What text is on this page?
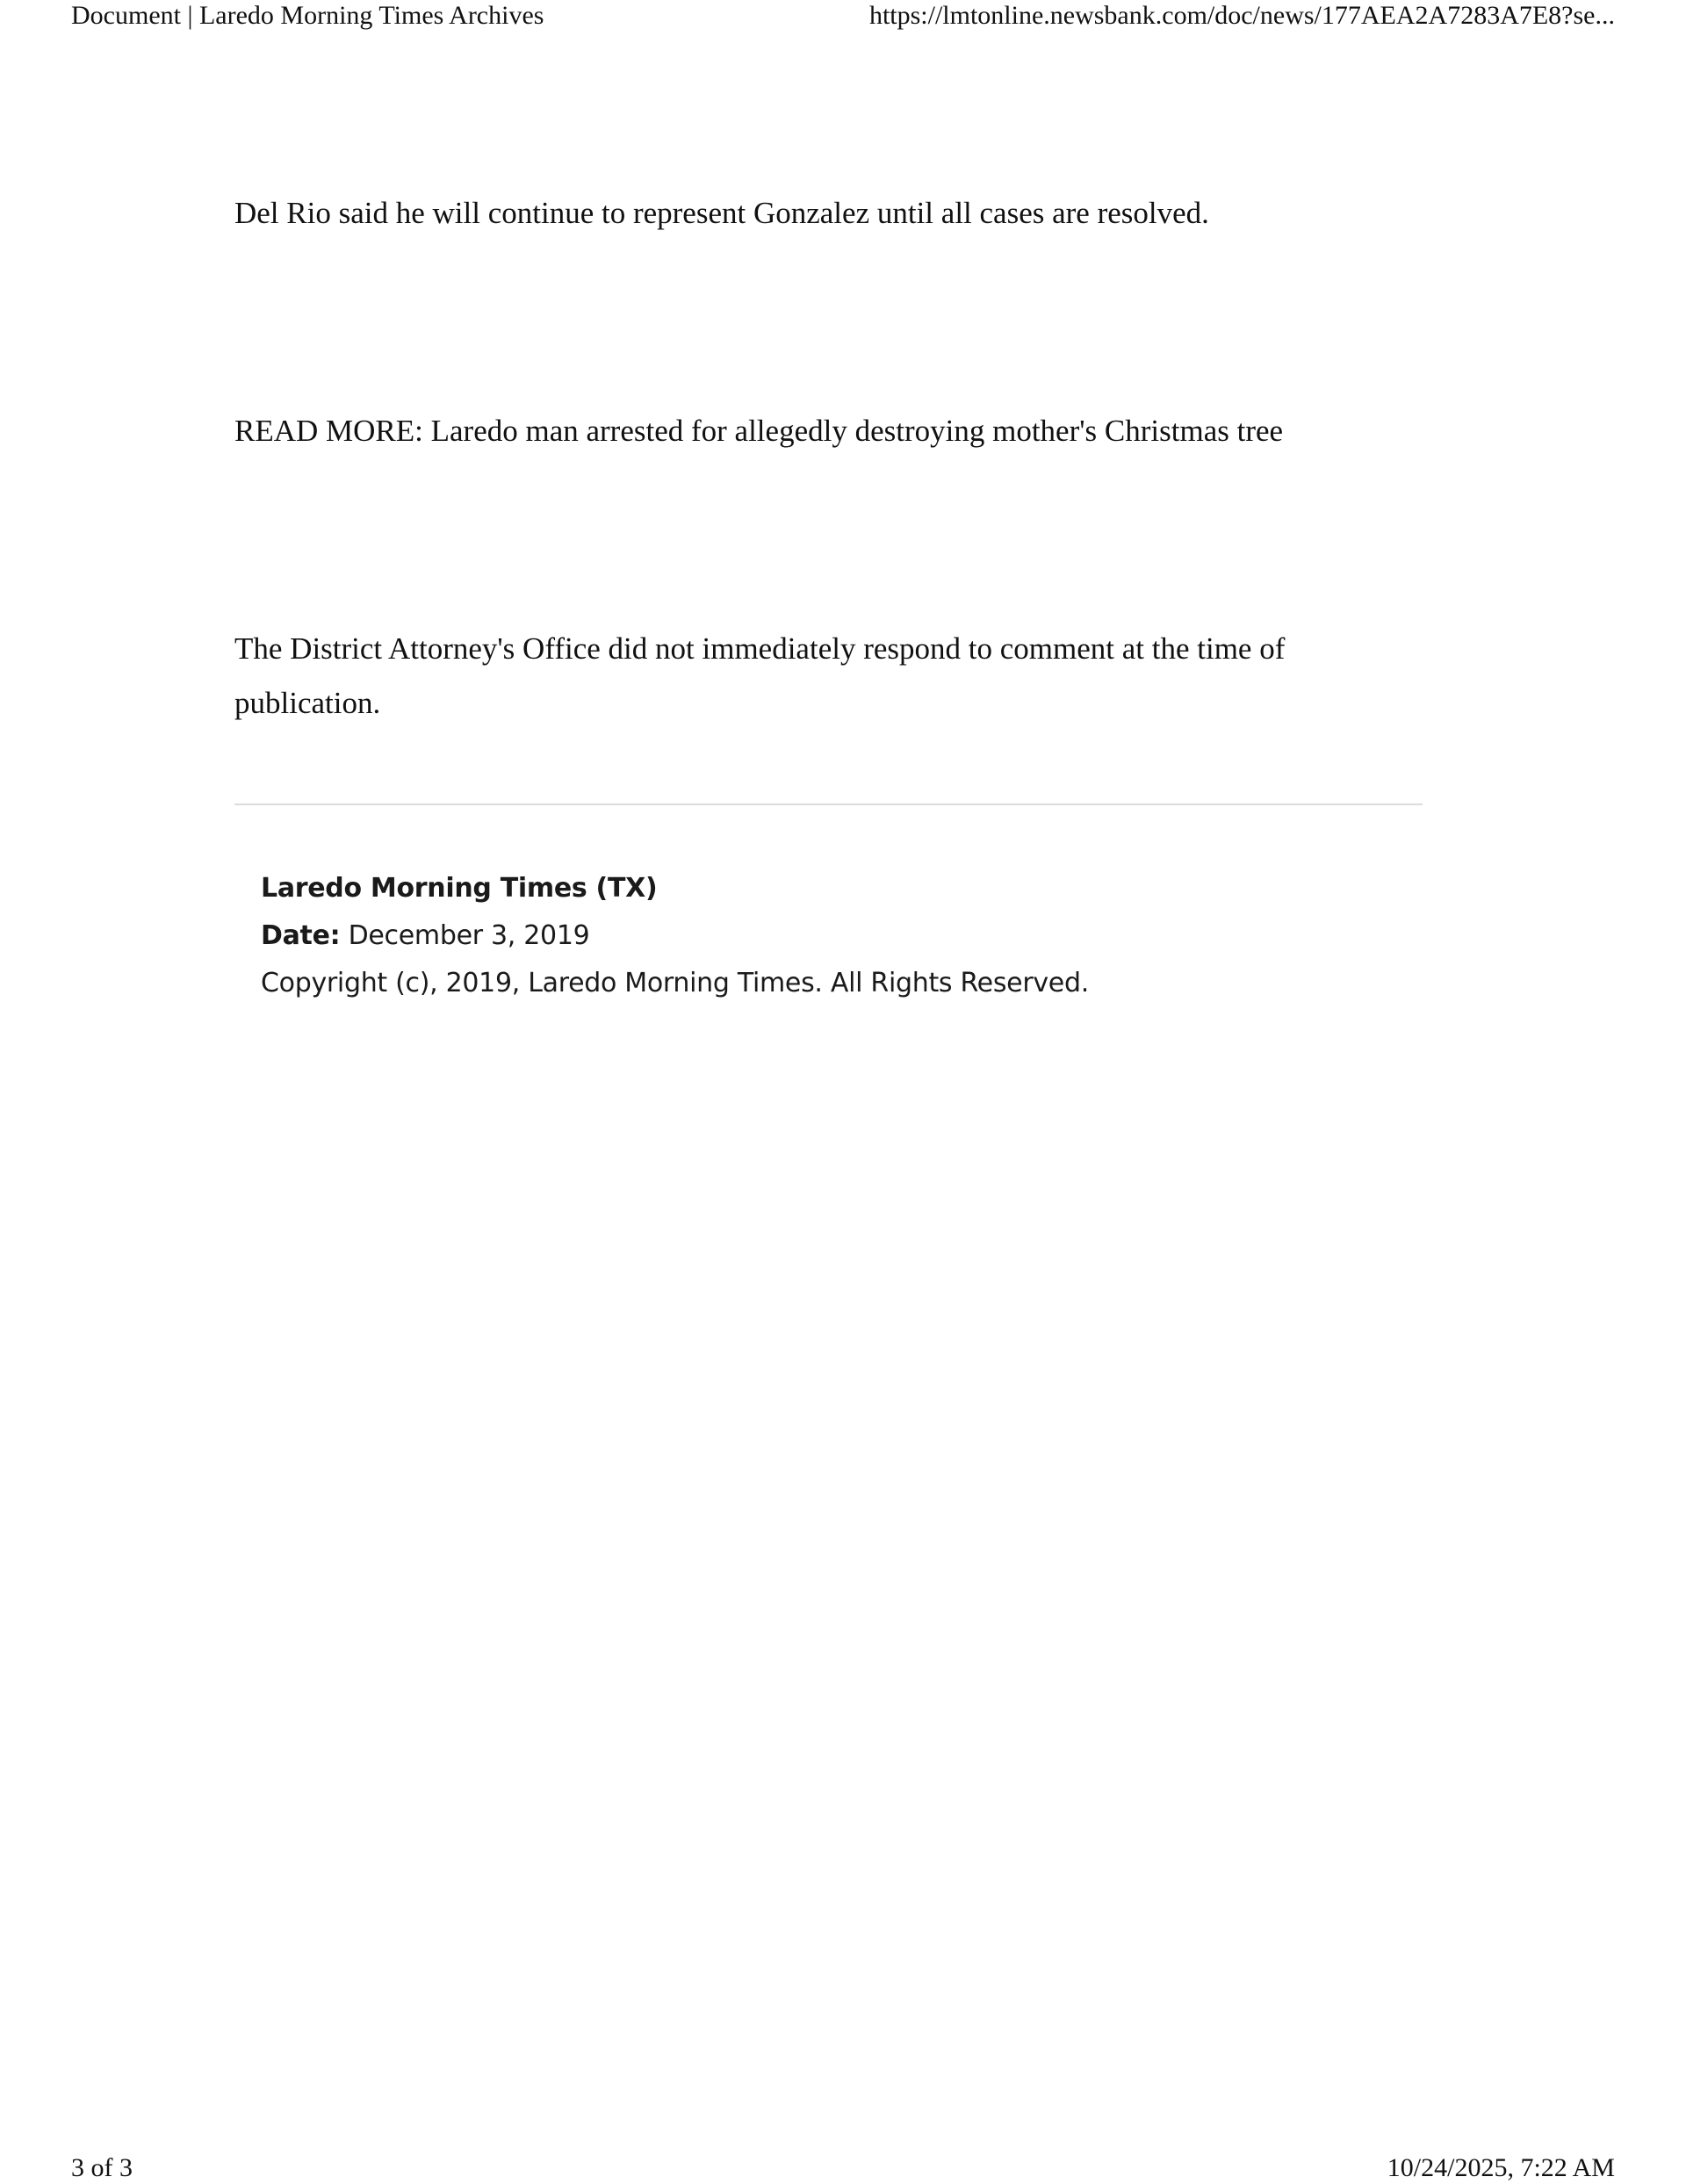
Document | Laredo Morning Times Archives	https://lmtonline.newsbank.com/doc/news/177AEA2A7283A7E8?se...

Del Rio said he will continue to represent Gonzalez until all cases are resolved.

READ MORE: Laredo man arrested for allegedly destroying mother's Christmas tree

The District Attorney's Office did not immediately respond to comment at the time of publication.

Laredo Morning Times (TX)
Date: December 3, 2019
Copyright (c), 2019, Laredo Morning Times. All Rights Reserved.
3 of 3	10/24/2025, 7:22 AM
